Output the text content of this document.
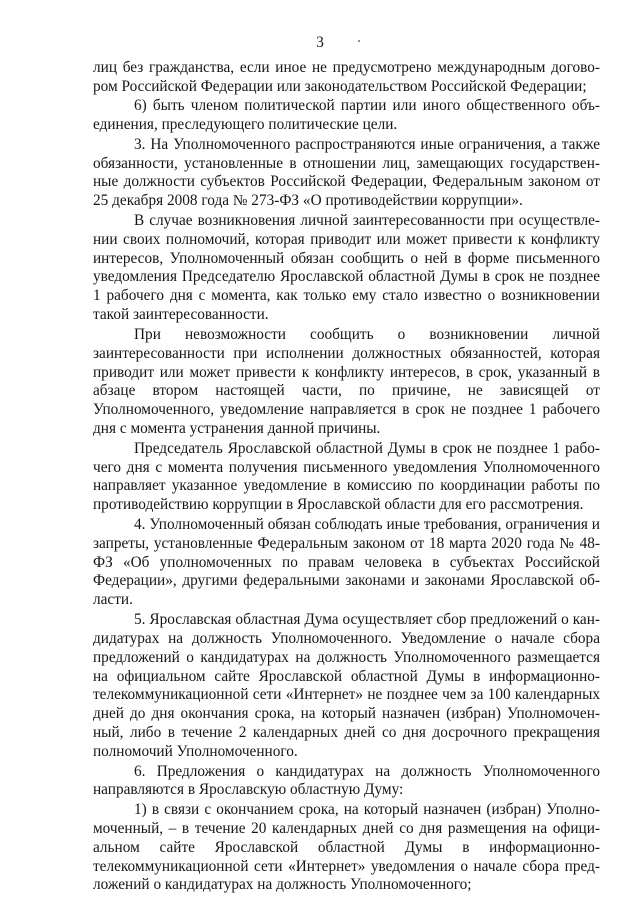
3

лиц без гражданства, если иное не предусмотрено международным договором Российской Федерации или законодательством Российской Федерации;

6) быть членом политической партии или иного общественного объединения, преследующего политические цели.

3. На Уполномоченного распространяются иные ограничения, а также обязанности, установленные в отношении лиц, замещающих государственные должности субъектов Российской Федерации, Федеральным законом от 25 декабря 2008 года № 273-ФЗ «О противодействии коррупции».

В случае возникновения личной заинтересованности при осуществлении своих полномочий, которая приводит или может привести к конфликту интересов, Уполномоченный обязан сообщить о ней в форме письменного уведомления Председателю Ярославской областной Думы в срок не позднее 1 рабочего дня с момента, как только ему стало известно о возникновении такой заинтересованности.

При невозможности сообщить о возникновении личной заинтересованности при исполнении должностных обязанностей, которая приводит или может привести к конфликту интересов, в срок, указанный в абзаце втором настоящей части, по причине, не зависящей от Уполномоченного, уведомление направляется в срок не позднее 1 рабочего дня с момента устранения данной причины.

Председатель Ярославской областной Думы в срок не позднее 1 рабочего дня с момента получения письменного уведомления Уполномоченного направляет указанное уведомление в комиссию по координации работы по противодействию коррупции в Ярославской области для его рассмотрения.

4. Уполномоченный обязан соблюдать иные требования, ограничения и запреты, установленные Федеральным законом от 18 марта 2020 года № 48-ФЗ «Об уполномоченных по правам человека в субъектах Российской Федерации», другими федеральными законами и законами Ярославской области.

5. Ярославская областная Дума осуществляет сбор предложений о кандидатурах на должность Уполномоченного. Уведомление о начале сбора предложений о кандидатурах на должность Уполномоченного размещается на официальном сайте Ярославской областной Думы в информационно-телекоммуникационной сети «Интернет» не позднее чем за 100 календарных дней до дня окончания срока, на который назначен (избран) Уполномоченный, либо в течение 2 календарных дней со дня досрочного прекращения полномочий Уполномоченного.

6. Предложения о кандидатурах на должность Уполномоченного направляются в Ярославскую областную Думу:

1) в связи с окончанием срока, на который назначен (избран) Уполномоченный, – в течение 20 календарных дней со дня размещения на официальном сайте Ярославской областной Думы в информационно-телекоммуникационной сети «Интернет» уведомления о начале сбора предложений о кандидатурах на должность Уполномоченного;
